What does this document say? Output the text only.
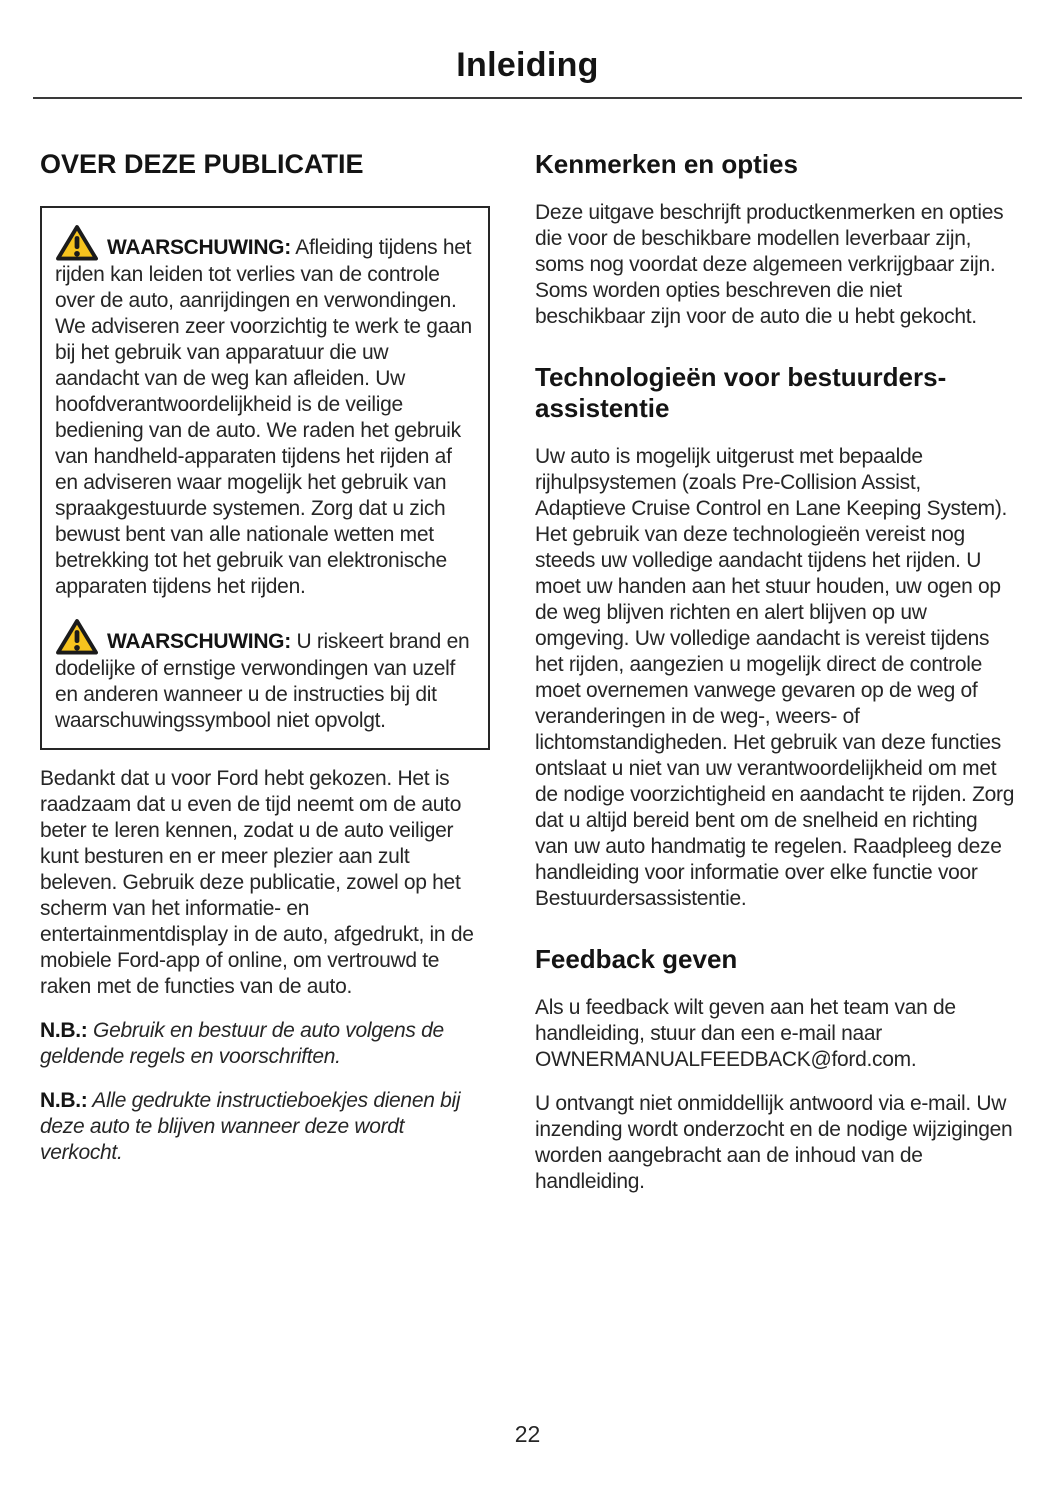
Inleiding
OVER DEZE PUBLICATIE

WAARSCHUWING: Afleiding tijdens het rijden kan leiden tot verlies van de controle over de auto, aanrijdingen en verwondingen. We adviseren zeer voorzichtig te werk te gaan bij het gebruik van apparatuur die uw aandacht van de weg kan afleiden. Uw hoofdverantwoordelijkheid is de veilige bediening van de auto. We raden het gebruik van handheld-apparaten tijdens het rijden af en adviseren waar mogelijk het gebruik van spraakgestuurde systemen. Zorg dat u zich bewust bent van alle nationale wetten met betrekking tot het gebruik van elektronische apparaten tijdens het rijden.

WAARSCHUWING: U riskeert brand en dodelijke of ernstige verwondingen van uzelf en anderen wanneer u de instructies bij dit waarschuwingssymbool niet opvolgt.

Bedankt dat u voor Ford hebt gekozen. Het is raadzaam dat u even de tijd neemt om de auto beter te leren kennen, zodat u de auto veiliger kunt besturen en er meer plezier aan zult beleven. Gebruik deze publicatie, zowel op het scherm van het informatie- en entertainmentdisplay in de auto, afgedrukt, in de mobiele Ford-app of online, om vertrouwd te raken met de functies van de auto.

N.B.: Gebruik en bestuur de auto volgens de geldende regels en voorschriften.

N.B.: Alle gedrukte instructieboekjes dienen bij deze auto te blijven wanneer deze wordt verkocht.

Kenmerken en opties

Deze uitgave beschrijft productkenmerken en opties die voor de beschikbare modellen leverbaar zijn, soms nog voordat deze algemeen verkrijgbaar zijn. Soms worden opties beschreven die niet beschikbaar zijn voor de auto die u hebt gekocht.

Technologieën voor bestuurders-assistentie

Uw auto is mogelijk uitgerust met bepaalde rijhulpsystemen (zoals Pre-Collision Assist, Adaptieve Cruise Control en Lane Keeping System). Het gebruik van deze technologieën vereist nog steeds uw volledige aandacht tijdens het rijden. U moet uw handen aan het stuur houden, uw ogen op de weg blijven richten en alert blijven op uw omgeving. Uw volledige aandacht is vereist tijdens het rijden, aangezien u mogelijk direct de controle moet overnemen vanwege gevaren op de weg of veranderingen in de weg-, weers- of lichtomstandigheden. Het gebruik van deze functies ontslaat u niet van uw verantwoordelijkheid om met de nodige voorzichtigheid en aandacht te rijden. Zorg dat u altijd bereid bent om de snelheid en richting van uw auto handmatig te regelen. Raadpleeg deze handleiding voor informatie over elke functie voor Bestuurdersassistentie.

Feedback geven

Als u feedback wilt geven aan het team van de handleiding, stuur dan een e-mail naar OWNERMANUALFEEDBACK@ford.com.

U ontvangt niet onmiddellijk antwoord via e-mail. Uw inzending wordt onderzocht en de nodige wijzigingen worden aangebracht aan de inhoud van de handleiding.

22
